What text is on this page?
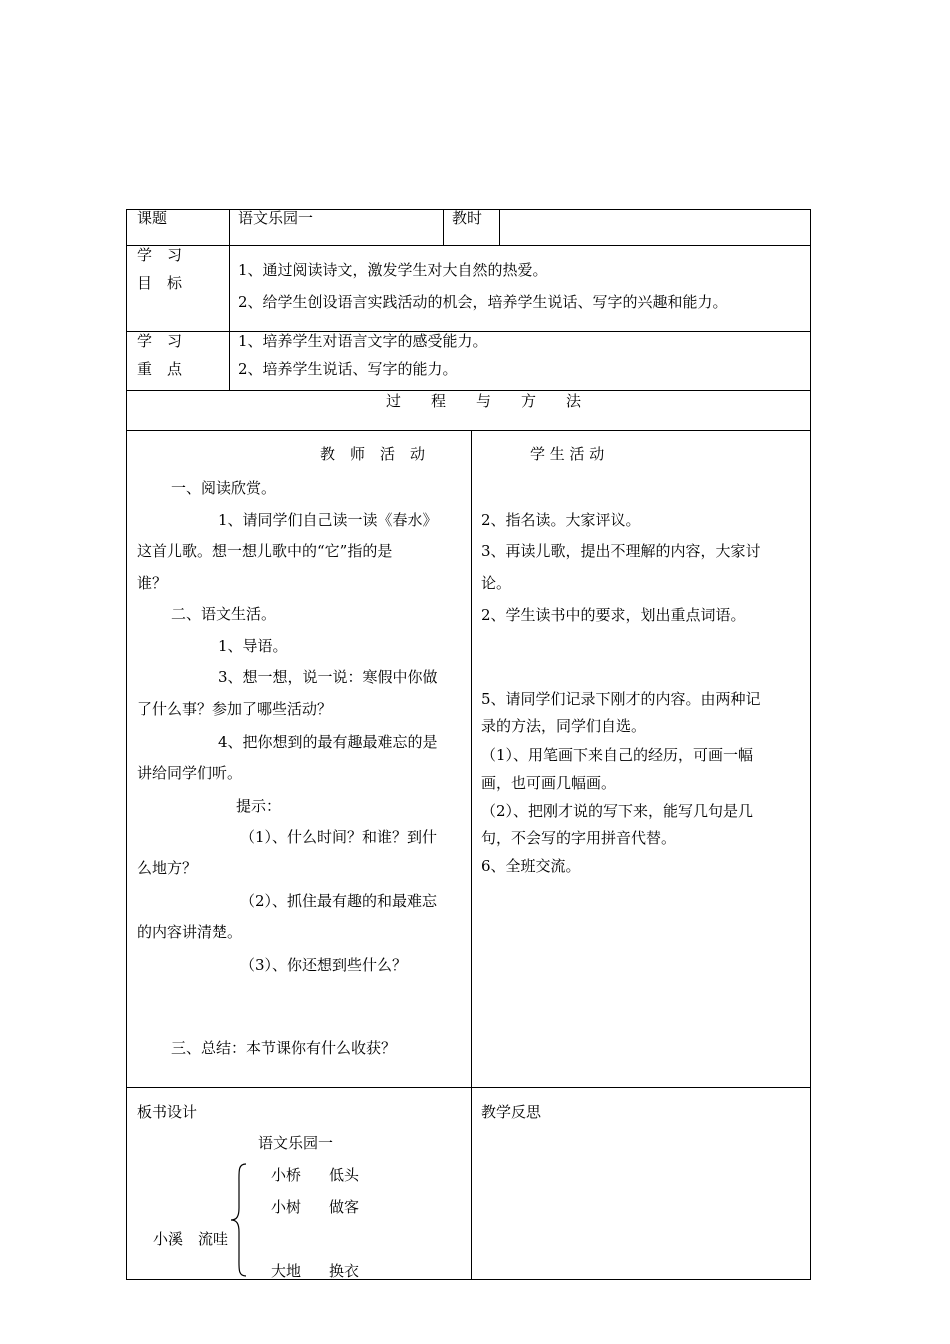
课题	语文乐园一	教时
学　习
目　标
1、通过阅读诗文，激发学生对大自然的热爱。
2、给学生创设语言实践活动的机会，培养学生说话、写字的兴趣和能力。
学　习
重　点
1、培养学生对语言文字的感受能力。
2、培养学生说话、写字的能力。
过　　程　　与　　方　　法
教　师　活　动
一、阅读欣赏。
1、请同学们自己读一读《春水》
这首儿歌。想一想儿歌中的“它”指的是
谁？
二、语文生活。
1、导语。
3、想一想，说一说：寒假中你做
了什么事？参加了哪些活动？
4、把你想到的最有趣最难忘的是
讲给同学们听。
提示：
（1）、什么时间？和谁？到什
么地方？
（2）、抓住最有趣的和最难忘
的内容讲清楚。
（3）、你还想到些什么？
三、总结：本节课你有什么收获？
学 生 活 动
2、指名读。大家评议。
3、再读儿歌，提出不理解的内容，大家讨
论。
2、学生读书中的要求，划出重点词语。
5、请同学们记录下刚才的内容。由两种记
录的方法，同学们自选。
（1）、用笔画下来自己的经历，可画一幅
画，也可画几幅画。
（2）、把刚才说的写下来，能写几句是几
句，不会写的字用拼音代替。
6、全班交流。
板书设计
语文乐园一
小桥 低头
小树 做客
小溪　流哇
大地 换衣
教学反思
